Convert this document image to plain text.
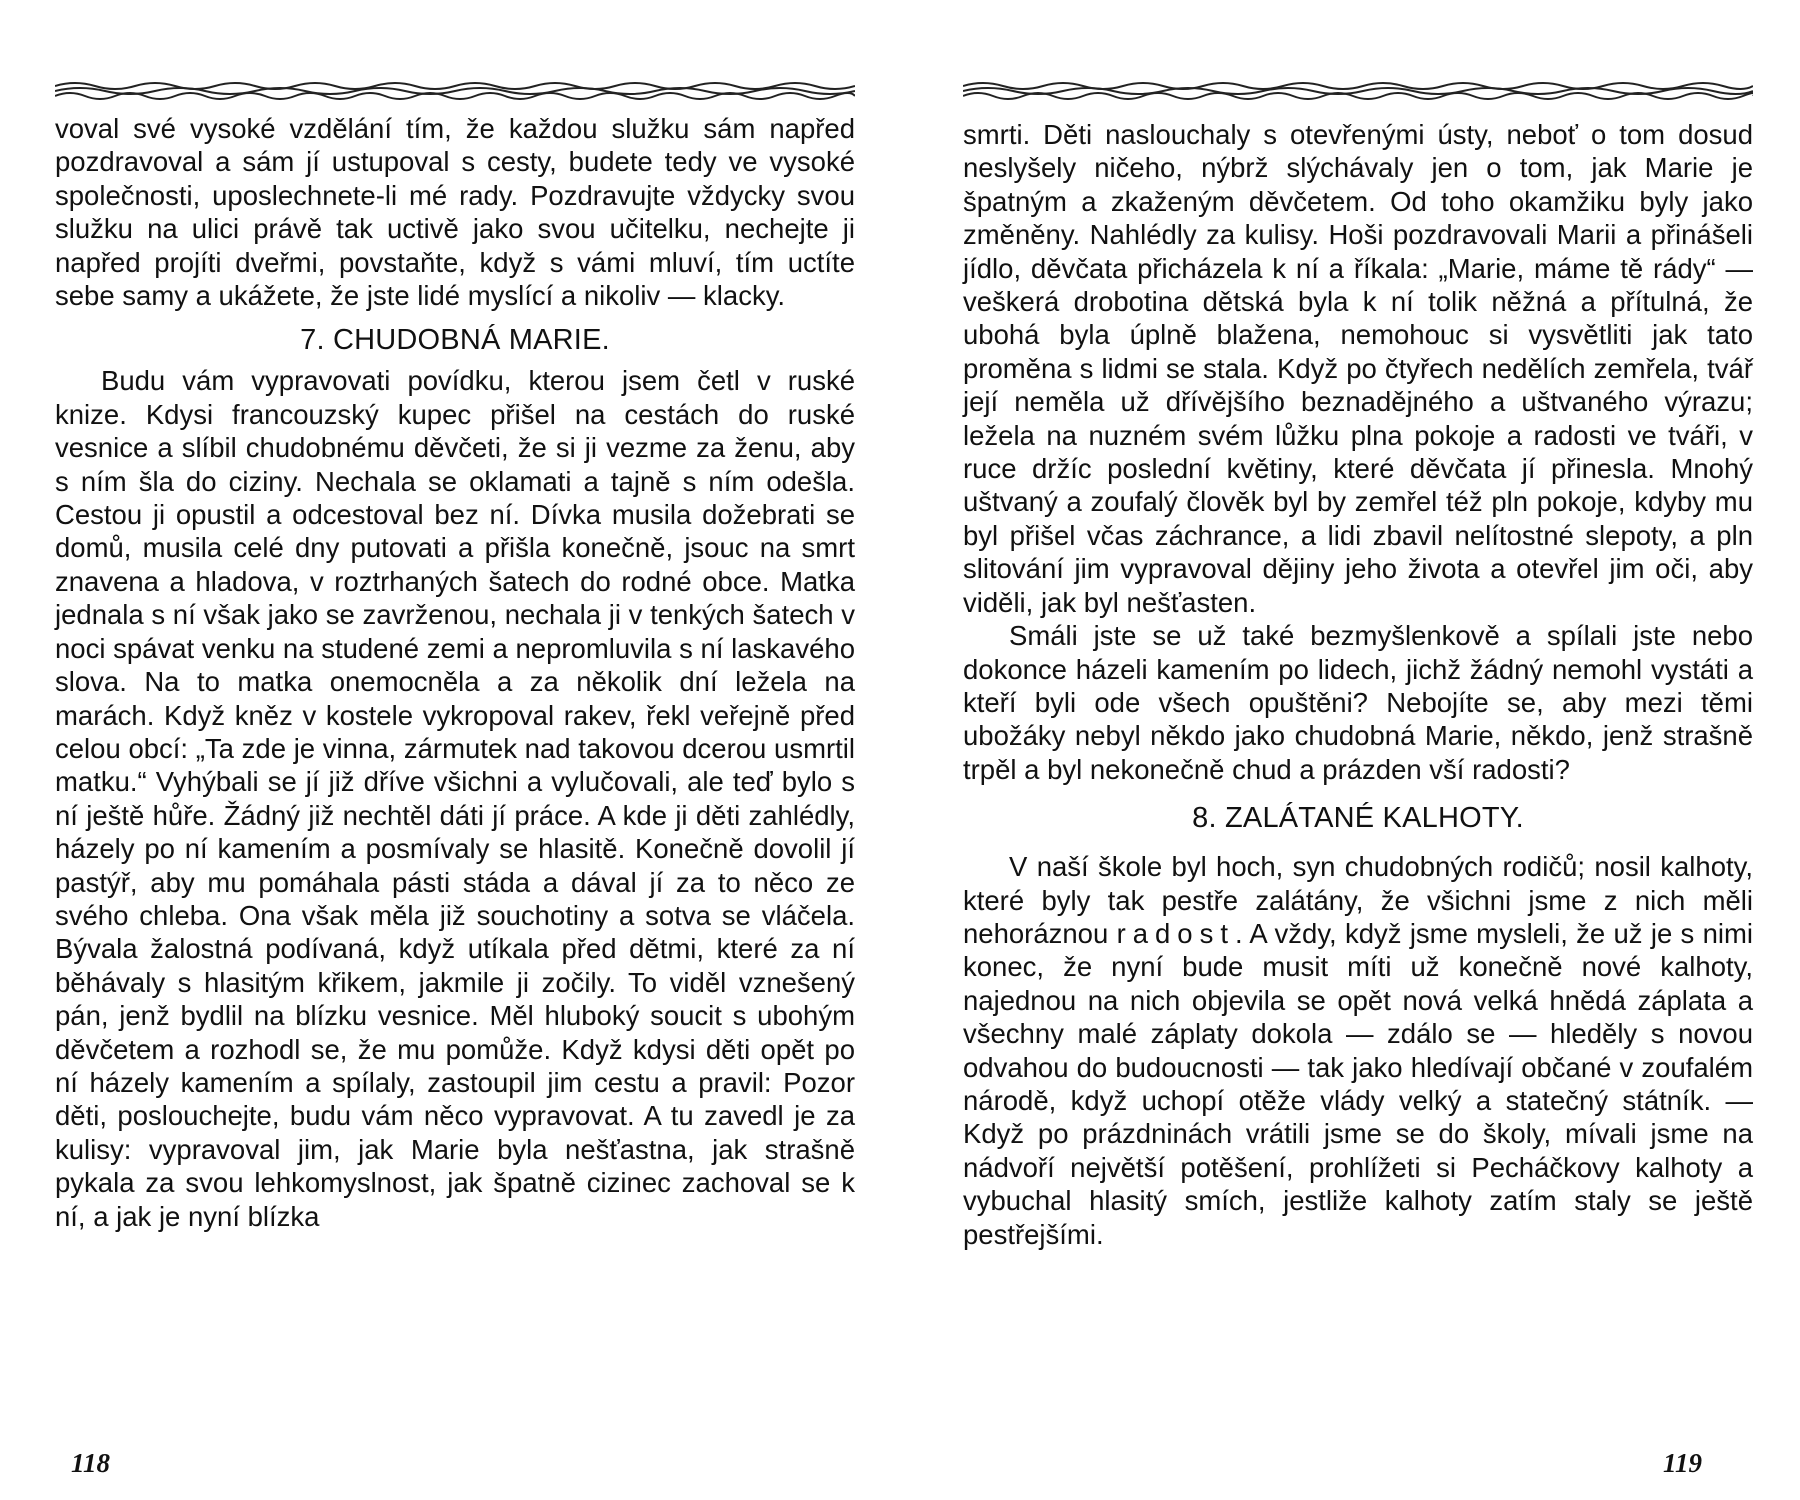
voval své vysoké vzdělání tím, že každou služku sám napřed pozdravoval a sám jí ustupoval s cesty, budete tedy ve vysoké společnosti, uposlechnete-li mé rady. Pozdravujte vždycky svou služku na ulici právě tak uctivě jako svou učitelku, nechejte ji napřed projíti dveřmi, povstaňte, když s vámi mluví, tím uctíte sebe samy a ukážete, že jste lidé myslící a nikoliv — klacky.

7. CHUDOBNÁ MARIE.

Budu vám vypravovati povídku, kterou jsem četl v ruské knize. Kdysi francouzský kupec přišel na cestách do ruské vesnice a slíbil chudobnému děvčeti, že si ji vezme za ženu, aby s ním šla do ciziny. Nechala se oklamati a tajně s ním odešla. Cestou ji opustil a odcestoval bez ní. Dívka musila dožebrati se domů, musila celé dny putovati a přišla konečně, jsouc na smrt znavena a hladova, v roztrhaných šatech do rodné obce. Matka jednala s ní však jako se zavrženou, nechala ji v tenkých šatech v noci spávat venku na studené zemi a nepromluvila s ní laskavého slova. Na to matka onemocněla a za několik dní ležela na marách. Když kněz v kostele vykropoval rakev, řekl veřejně před celou obcí: „Ta zde je vinna, zármutek nad takovou dcerou usmrtil matku.“ Vyhýbali se jí již dříve všichni a vylučovali, ale teď bylo s ní ještě hůře. Žádný již nechtěl dáti jí práce. A kde ji děti zahlédly, házely po ní kamením a posmívaly se hlasitě. Konečně dovolil jí pastýř, aby mu pomáhala pásti stáda a dával jí za to něco ze svého chleba. Ona však měla již souchotiny a sotva se vláčela. Bývala žalostná podívaná, když utíkala před dětmi, které za ní běhávaly s hlasitým křikem, jakmile ji zočily. To viděl vznešený pán, jenž bydlil na blízku vesnice. Měl hluboký soucit s ubohým děvčetem a rozhodl se, že mu pomůže. Když kdysi děti opět po ní házely kamením a spílaly, zastoupil jim cestu a pravil: Pozor děti, poslouchejte, budu vám něco vypravovat. A tu zavedl je za kulisy: vypravoval jim, jak Marie byla nešťastna, jak strašně pykala za svou lehkomyslnost, jak špatně cizinec zachoval se k ní, a jak je nyní blízka

118

smrti. Děti naslouchaly s otevřenými ústy, neboť o tom dosud neslyšely ničeho, nýbrž slýchávaly jen o tom, jak Marie je špatným a zkaženým děvčetem. Od toho okamžiku byly jako změněny. Nahlédly za kulisy. Hoši pozdravovali Marii a přinášeli jídlo, děvčata přicházela k ní a říkala: „Marie, máme tě rády“ — veškerá drobotina dětská byla k ní tolik něžná a přítulná, že ubohá byla úplně blažena, nemohouc si vysvětliti jak tato proměna s lidmi se stala. Když po čtyřech nedělích zemřela, tvář její neměla už dřívějšího beznadějného a uštvaného výrazu; ležela na nuzném svém lůžku plna pokoje a radosti ve tváři, v ruce držíc poslední květiny, které děvčata jí přinesla. Mnohý uštvaný a zoufalý člověk byl by zemřel též pln pokoje, kdyby mu byl přišel včas záchrance, a lidi zbavil nelítostné slepoty, a pln slitování jim vypravoval dějiny jeho života a otevřel jim oči, aby viděli, jak byl nešťasten.

Smáli jste se už také bezmyšlenkově a spílali jste nebo dokonce házeli kamením po lidech, jichž žádný nemohl vystáti a kteří byli ode všech opuštěni? Nebojíte se, aby mezi těmi ubožáky nebyl někdo jako chudobná Marie, někdo, jenž strašně trpěl a byl nekonečně chud a prázden vší radosti?

8. ZALÁTANÉ KALHOTY.

V naší škole byl hoch, syn chudobných rodičů; nosil kalhoty, které byly tak pestře zalátány, že všichni jsme z nich měli nehoráznou radost. A vždy, když jsme mysleli, že už je s nimi konec, že nyní bude musit míti už konečně nové kalhoty, najednou na nich objevila se opět nová velká hnědá záplata a všechny malé záplaty dokola — zdálo se — hleděly s novou odvahou do budoucnosti — tak jako hledívají občané v zoufalém národě, když uchopí otěže vlády velký a statečný státník. — Když po prázdninách vrátili jsme se do školy, mívali jsme na nádvoří největší potěšení, prohlížeti si Pecháčkovy kalhoty a vybuchal hlasitý smích, jestliže kalhoty zatím staly se ještě pestřejšími.

119
